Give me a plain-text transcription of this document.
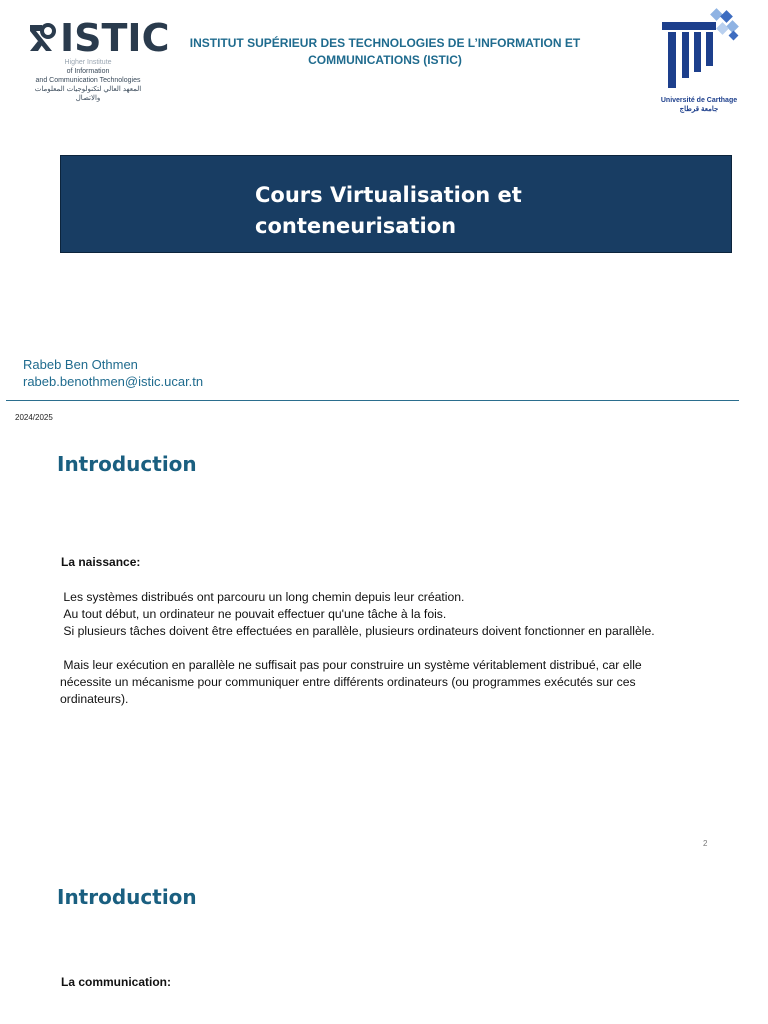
ISTIC
Higher Institute
of Information
and Communication Technologies
المعهد العالي لتكنولوجيات المعلومات والاتصال
INSTITUT SUPÉRIEUR DES TECHNOLOGIES DE L’INFORMATION ET COMMUNICATIONS (ISTIC)
Université de Carthage
جامعة قرطاج
Cours Virtualisation et conteneurisation
Rabeb Ben Othmen
rabeb.benothmen@istic.ucar.tn
2024/2025
Introduction
La naissance:

Les systèmes distribués ont parcouru un long chemin depuis leur création.

Au tout début, un ordinateur ne pouvait effectuer qu'une tâche à la fois.

Si plusieurs tâches doivent être effectuées en parallèle, plusieurs ordinateurs doivent fonctionner en parallèle.

Mais leur exécution en parallèle ne suffisait pas pour construire un système véritablement distribué, car elle nécessite un mécanisme pour communiquer entre différents ordinateurs (ou programmes exécutés sur ces ordinateurs).

2
Introduction
La communication:
